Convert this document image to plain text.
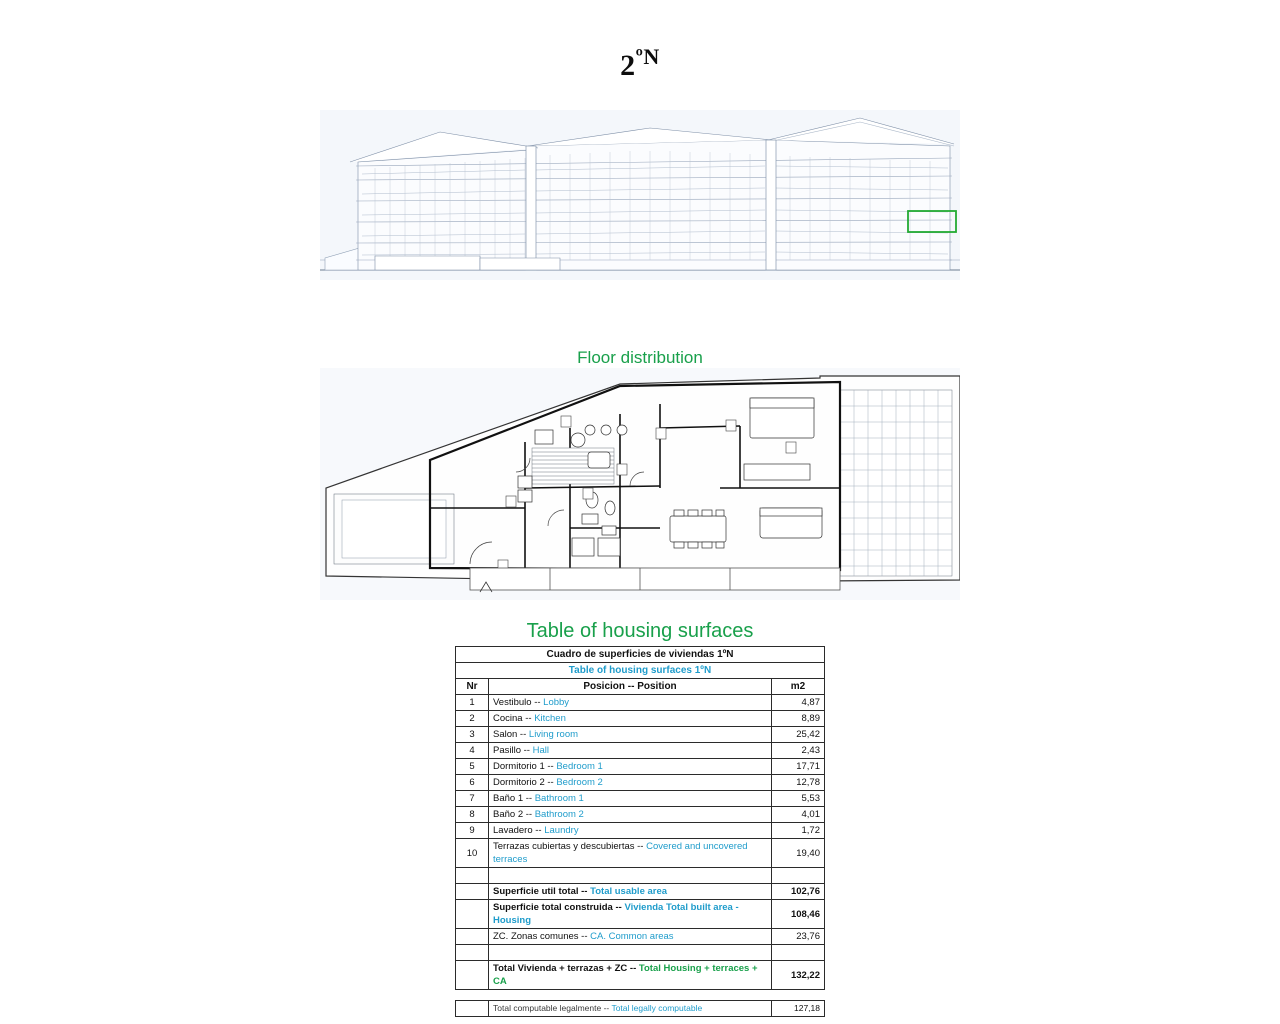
$2^{ºN}$
Floor distribution
Table of housing surfaces
Cuadro de superficies de viviendas 1ºN		
Table of housing surfaces 1ºN		
Nr	Posicion -- Position	m2
1	Vestibulo -- Lobby	4,87
2	Cocina -- Kitchen	8,89
3	Salon -- Living room	25,42
4	Pasillo -- Hall	2,43
5	Dormitorio 1 -- Bedroom 1	17,71
6	Dormitorio 2 -- Bedroom 2	12,78
7	Baño 1 -- Bathroom 1	5,53
8	Baño 2 -- Bathroom 2	4,01
9	Lavadero -- Laundry	1,72
10	Terrazas cubiertas y descubiertas -- Covered and uncovered terraces	19,40

	Superficie util total -- Total usable area	102,76
	Superficie total construida -- Vivienda Total built area - Housing	108,46
	ZC. Zonas comunes -- CA. Common areas	23,76

	Total Vivienda + terrazas + ZC -- Total Housing + terraces + CA	132,22
	Total computable legalmente -- Total legally computable	127,18
